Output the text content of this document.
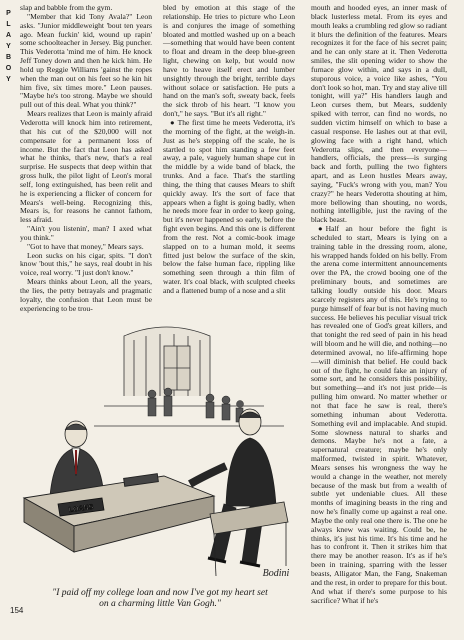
P
L
A
Y
B
O
Y

slap and babble from the gym.

"Member that kid Tony Avala?" Leon asks. "Junior middleweight 'bout ten years ago. Mean fuckin' kid, wound up rapin' some schoolteacher in Jersey. Big puncher. This Vederotta 'mind me of him. He knock Jeff Toney down and then he kick him. He hold up Reggie Williams 'gainst the ropes when the man out on his feet so he kin hit him five, six times more." Leon pauses. "Maybe he's too strong. Maybe we should pull out of this deal. What you think?"

Mears realizes that Leon is mainly afraid Vederotta will knock him into retirement, that his cut of the $20,000 will not compensate for a permanent loss of income. But the fact that Leon has asked what he thinks, that's new, that's a real surprise. He suspects that deep within that gross hulk, the pilot light of Leon's moral self, long extinguished, has been relit and he is experiencing a flicker of concern for Mears's well-being. Recognizing this, Mears is, for reasons he cannot fathom, less afraid.

"Ain't you listenin', man? I axed what you think."

"Got to have that money," Mears says.

Leon sucks on his cigar, spits. "I don't know 'bout this," he says, real doubt in his voice, real worry. "I just don't know."

Mears thinks about Leon, all the years, the lies, the petty betrayals and pragmatic loyalty, the confusion that Leon must be experiencing to be trou-

bled by emotion at this stage of the relationship. He tries to picture who Leon is and conjures the image of something bloated and mottled washed up on a beach—something that would have been content to float and dream in the deep blue-green light, chewing on kelp, but would now have to heave itself erect and lumber unsightly through the bright, terrible days without solace or satisfaction. He puts a hand on the man's soft, sweaty back, feels the sick throb of his heart. "I know you don't," he says. "But it's all right."

● The first time he meets Vederotta, it's the morning of the fight, at the weigh-in. Just as he's stepping off the scale, he is startled to spot him standing a few feet away, a pale, vaguely human shape cut in the middle by a wide band of black, the trunks. And a face. That's the startling thing, the thing that causes Mears to shift quickly away. It's the sort of face that appears when a fight is going badly, when he needs more fear in order to keep going, but it's never happened so early, before the fight even begins. And this one is different from the rest. Not a comic-book image slapped on to a human mold, it seems fitted just below the surface of the skin, below the false human face, rippling like something seen through a thin film of water. It's coal black, with sculpted cheeks and a flattened bump of a nose and a slit

mouth and hooded eyes, an inner mask of black lusterless metal. From its eyes and mouth leaks a crumbling red glow so radiant it blurs the definition of the features. Mears recognizes it for the face of his secret pain; and he can only stare at it. Then Vederotta smiles, the slit opening wider to show the furnace glow within, and says in a dull, stuporous voice, a voice like ashes, "You don't look so hot, man. Try and stay alive till tonight, will ya?" His handlers laugh and Leon curses them, but Mears, suddenly spiked with terror, can find no words, no sudden victim himself on which to base a casual response. He lashes out at that evil, glowing face with a right hand, which Vederotta slips, and then everyone—handlers, officials, the press—is surging back and forth, pulling the two fighters apart, and as Leon hustles Mears away, saying, "Fuck's wrong with you, man? You crazy?" he hears Vederotta shouting at him, more bellowing than shouting, no words, nothing intelligible, just the raving of the black beast.

● Half an hour before the fight is scheduled to start, Mears is lying on a training table in the dressing room, alone, his wrapped hands folded on his belly. From the arena come intermittent announcements over the PA, the crowd booing one of the preliminary bouts, and sometimes are talking loudly outside his door. Mears scarcely registers any of this. He's trying to purge himself of fear but is not having much success. He believes his peculiar visual trick has revealed one of God's great killers, and that tonight the red seed of pain in his head will bloom and he will die, and nothing—no determined avowal, no life-affirming hope—will diminish that belief. He could back out of the fight, he could fake an injury of some sort, and he considers this possibility, but something—and it's not just pride—is pulling him onward. No matter whether or not that face he saw is real, there's something inhuman about Vederotta. Something evil and implacable. And stupid. Some slowness natural to sharks and demons. Maybe he's not a fate, a supernatural creature; maybe he's only malformed, twisted in spirit. Whatever, Mears senses his wrongness the way he would a change in the weather, not merely because of the mask but from a wealth of subtle yet undeniable clues. All these months of imagining beasts in the ring and now he's finally come up against a real one. Maybe the only real one there is. The one he always knew was waiting. Could be, he thinks, it's just his time. It's his time and he has to confront it. Then it strikes him that there may be another reason. It's as if he's been in training, sparring with the lesser beasts, Alligator Man, the Fang, Snakeman and the rest, in order to prepare for this bout. And what if there's some purpose to his sacrifice? What if he's

LOANS
Bodini
"I paid off my college loan and now I've got my heart set
on a charming little Van Gogh."
154
